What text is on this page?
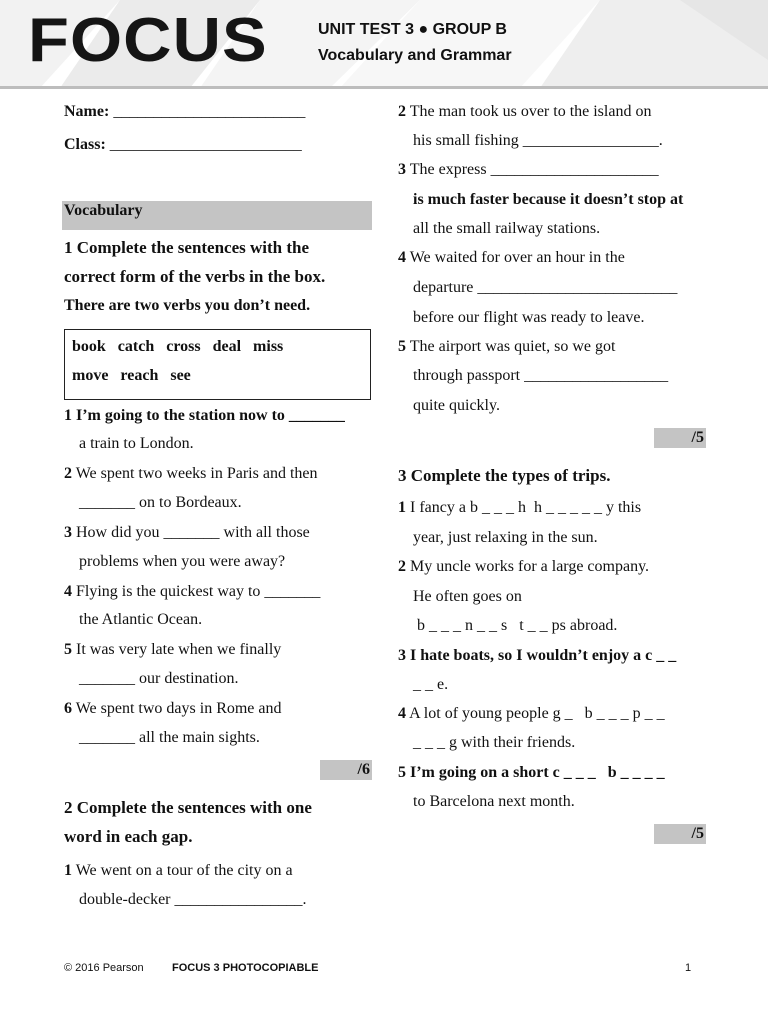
FOCUS	UNIT TEST 3 ● GROUP B
Vocabulary and Grammar
Name: ________________________
Class: ________________________
Vocabulary
1 Complete the sentences with the
correct form of the verbs in the box.
There are two verbs you don’t need.
book   catch   cross   deal   miss
move   reach   see
1 I’m going to the station now to _______
a train to London.
2 We spent two weeks in Paris and then
_______ on to Bordeaux.
3 How did you _______ with all those
problems when you were away?
4 Flying is the quickest way to _______
the Atlantic Ocean.
5 It was very late when we finally
_______ our destination.
6 We spent two days in Rome and
_______ all the main sights.
/6
2 Complete the sentences with one
word in each gap.
1 We went on a tour of the city on a
double-decker ________________.
2 The man took us over to the island on
his small fishing _________________.
3 The express _____________________
is much faster because it doesn’t stop at
all the small railway stations.
4 We waited for over an hour in the
departure _________________________
before our flight was ready to leave.
5 The airport was quiet, so we got
through passport __________________
quite quickly.
/5
3 Complete the types of trips.
1 I fancy a b _ _ _ h  h _ _ _ _ _ y this
year, just relaxing in the sun.
2 My uncle works for a large company.
He often goes on
b _ _ _ n _ _ s   t _ _ ps abroad.
3 I hate boats, so I wouldn’t enjoy a c _ _
_ _ e.
4 A lot of young people g _   b _ _ _ p _ _
_ _ _ g with their friends.
5 I’m going on a short c _ _ _   b _ _ _ _
to Barcelona next month.
/5
© 2016 Pearson	FOCUS 3 PHOTOCOPIABLE	1
